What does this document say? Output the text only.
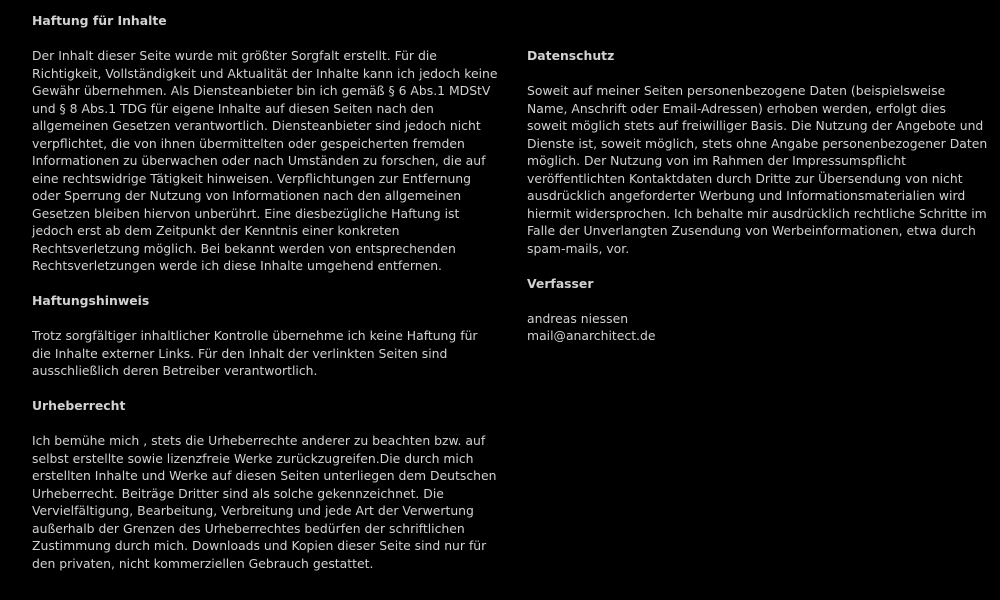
Haftung für Inhalte

Der Inhalt dieser Seite wurde mit größter Sorgfalt erstellt. Für die Richtigkeit, Vollständigkeit und Aktualität der Inhalte kann ich jedoch keine Gewähr übernehmen. Als Diensteanbieter bin ich gemäß § 6 Abs.1 MDStV und § 8 Abs.1 TDG für eigene Inhalte auf diesen Seiten nach den allgemeinen Gesetzen verantwortlich. Diensteanbieter sind jedoch nicht verpflichtet, die von ihnen übermittelten oder gespeicherten fremden Informationen zu überwachen oder nach Umständen zu forschen, die auf eine rechtswidrige Tätigkeit hinweisen. Verpflichtungen zur Entfernung oder Sperrung der Nutzung von Informationen nach den allgemeinen Gesetzen bleiben hiervon unberührt. Eine diesbezügliche Haftung ist jedoch erst ab dem Zeitpunkt der Kenntnis einer konkreten Rechtsverletzung möglich. Bei bekannt werden von entsprechenden Rechtsverletzungen werde ich diese Inhalte umgehend entfernen.

Haftungshinweis

Trotz sorgfältiger inhaltlicher Kontrolle übernehme ich keine Haftung für die Inhalte externer Links. Für den Inhalt der verlinkten Seiten sind ausschließlich deren Betreiber verantwortlich.

Urheberrecht

Ich bemühe mich , stets die Urheberrechte anderer zu beachten bzw. auf selbst erstellte sowie lizenzfreie Werke zurückzugreifen.Die durch mich erstellten Inhalte und Werke auf diesen Seiten unterliegen dem Deutschen Urheberrecht. Beiträge Dritter sind als solche gekennzeichnet. Die Vervielfältigung, Bearbeitung, Verbreitung und jede Art der Verwertung außerhalb der Grenzen des Urheberrechtes bedürfen der schriftlichen Zustimmung durch mich. Downloads und Kopien dieser Seite sind nur für den privaten, nicht kommerziellen Gebrauch gestattet.

Datenschutz

Soweit auf meiner Seiten personenbezogene Daten (beispielsweise Name, Anschrift oder Email-Adressen) erhoben werden, erfolgt dies soweit möglich stets auf freiwilliger Basis. Die Nutzung der Angebote und Dienste ist, soweit möglich, stets ohne Angabe personenbezogener Daten möglich. Der Nutzung von im Rahmen der Impressumspflicht veröffentlichten Kontaktdaten durch Dritte zur Übersendung von nicht ausdrücklich angeforderter Werbung und Informationsmaterialien wird hiermit widersprochen. Ich behalte mir ausdrücklich rechtliche Schritte im Falle der Unverlangten Zusendung von Werbeinformationen, etwa durch spam-mails, vor.

Verfasser

andreas niessen
mail@anarchitect.de
